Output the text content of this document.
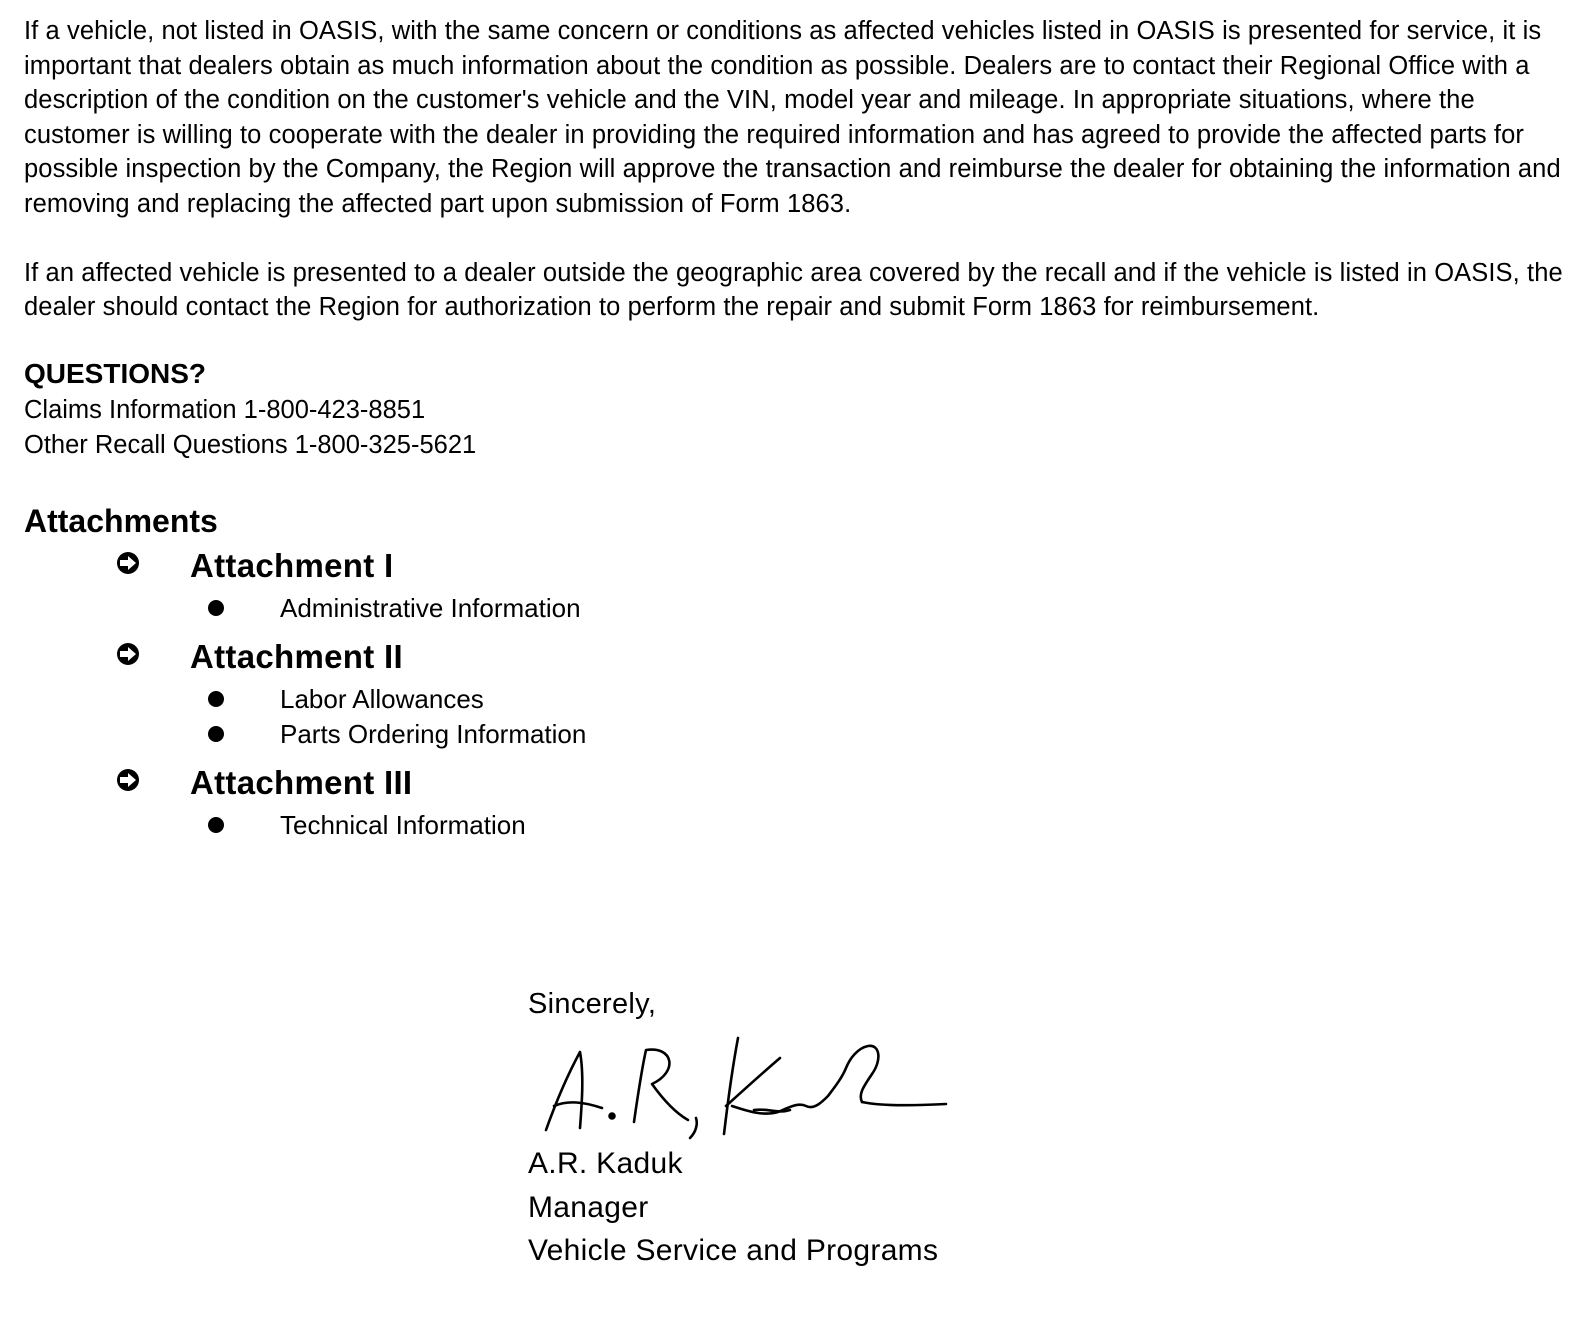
If a vehicle, not listed in OASIS, with the same concern or conditions as affected vehicles listed in OASIS is presented for service, it is important that dealers obtain as much information about the condition as possible. Dealers are to contact their Regional Office with a description of the condition on the customer's vehicle and the VIN, model year and mileage. In appropriate situations, where the customer is willing to cooperate with the dealer in providing the required information and has agreed to provide the affected parts for possible inspection by the Company, the Region will approve the transaction and reimburse the dealer for obtaining the information and removing and replacing the affected part upon submission of Form 1863.

If an affected vehicle is presented to a dealer outside the geographic area covered by the recall and if the vehicle is listed in OASIS, the dealer should contact the Region for authorization to perform the repair and submit Form 1863 for reimbursement.

QUESTIONS?
Claims Information 1-800-423-8851
Other Recall Questions 1-800-325-5621
Attachments
Attachment I
Administrative Information
Attachment II
Labor Allowances
Parts Ordering Information
Attachment III
Technical Information
Sincerely,
A.R. Kaduk
Manager
Vehicle Service and Programs
